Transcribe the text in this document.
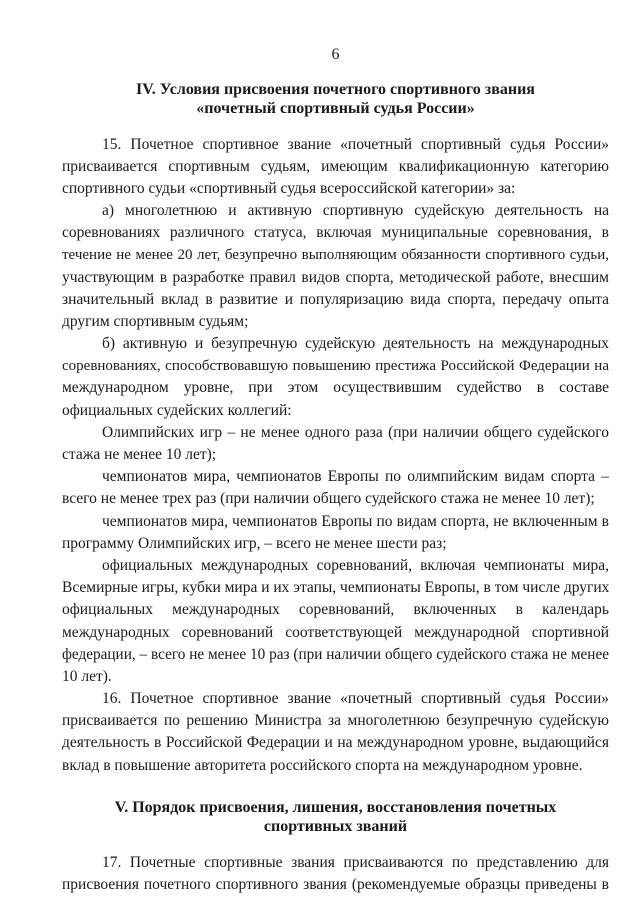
6
IV. Условия присвоения почетного спортивного звания
«почетный спортивный судья России»
15. Почетное спортивное звание «почетный спортивный судья России»
присваивается спортивным судьям, имеющим квалификационную категорию
спортивного судьи «спортивный судья всероссийской категории» за:
а) многолетнюю и активную спортивную судейскую деятельность на
соревнованиях различного статуса, включая муниципальные соревнования, в
течение не менее 20 лет, безупречно выполняющим обязанности спортивного судьи,
участвующим в разработке правил видов спорта, методической работе, внесшим
значительный вклад в развитие и популяризацию вида спорта, передачу опыта
другим спортивным судьям;
б) активную и безупречную судейскую деятельность на международных
соревнованиях, способствовавшую повышению престижа Российской Федерации на
международном уровне, при этом осуществившим судейство в составе
официальных судейских коллегий:
Олимпийских игр – не менее одного раза (при наличии общего судейского
стажа не менее 10 лет);
чемпионатов мира, чемпионатов Европы по олимпийским видам спорта –
всего не менее трех раз (при наличии общего судейского стажа не менее 10 лет);
чемпионатов мира, чемпионатов Европы по видам спорта, не включенным в
программу Олимпийских игр, – всего не менее шести раз;
официальных международных соревнований, включая чемпионаты мира,
Всемирные игры, кубки мира и их этапы, чемпионаты Европы, в том числе других
официальных международных соревнований, включенных в календарь
международных соревнований соответствующей международной спортивной
федерации, – всего не менее 10 раз (при наличии общего судейского стажа не менее
10 лет).
16. Почетное спортивное звание «почетный спортивный судья России»
присваивается по решению Министра за многолетнюю безупречную судейскую
деятельность в Российской Федерации и на международном уровне, выдающийся
вклад в повышение авторитета российского спорта на международном уровне.
V. Порядок присвоения, лишения, восстановления почетных
спортивных званий
17. Почетные спортивные звания присваиваются по представлению для
присвоения почетного спортивного звания (рекомендуемые образцы приведены в
